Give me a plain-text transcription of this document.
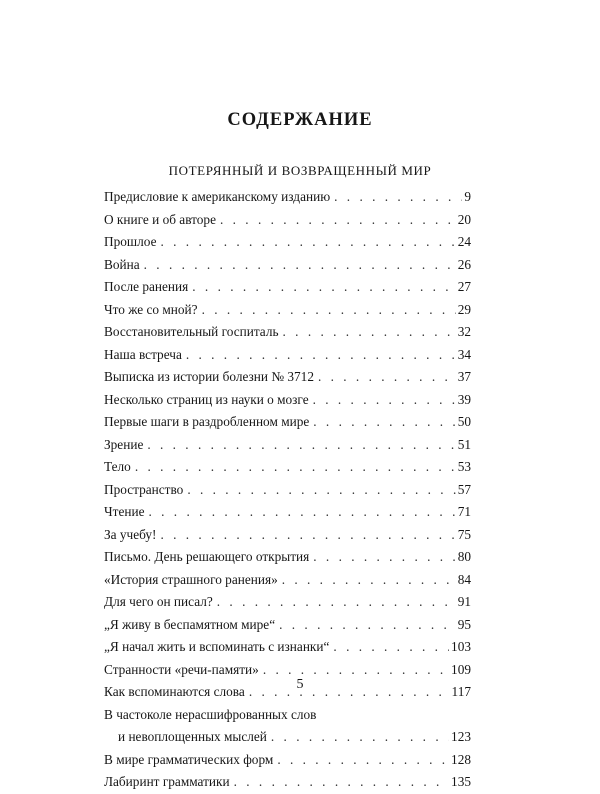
СОДЕРЖАНИЕ
ПОТЕРЯННЫЙ И ВОЗВРАЩЕННЫЙ МИР
Предисловие к американскому изданию . . .	9
О книге и об авторе . . .	20
Прошлое . . .	24
Война . . .	26
После ранения . . .	27
Что же со мной? . . .	29
Восстановительный госпиталь . . .	32
Наша встреча . . .	34
Выписка из истории болезни № 3712 . . .	37
Несколько страниц из науки о мозге . . .	39
Первые шаги в раздробленном мире . . .	50
Зрение . . .	51
Тело . . .	53
Пространство . . .	57
Чтение . . .	71
За учебу! . . .	75
Письмо. День решающего открытия . . .	80
«История страшного ранения» . . .	84
Для чего он писал? . . .	91
„Я живу в беспамятном мире“ . . .	95
„Я начал жить и вспоминать с изнанки“ . . .	103
Странности «речи-памяти» . . .	109
Как вспоминаются слова . . .	117
В частоколе нерасшифрованных слов
и невоплощенных мыслей . . .	123
В мире грамматических форм . . .	128
Лабиринт грамматики . . .	135
5
